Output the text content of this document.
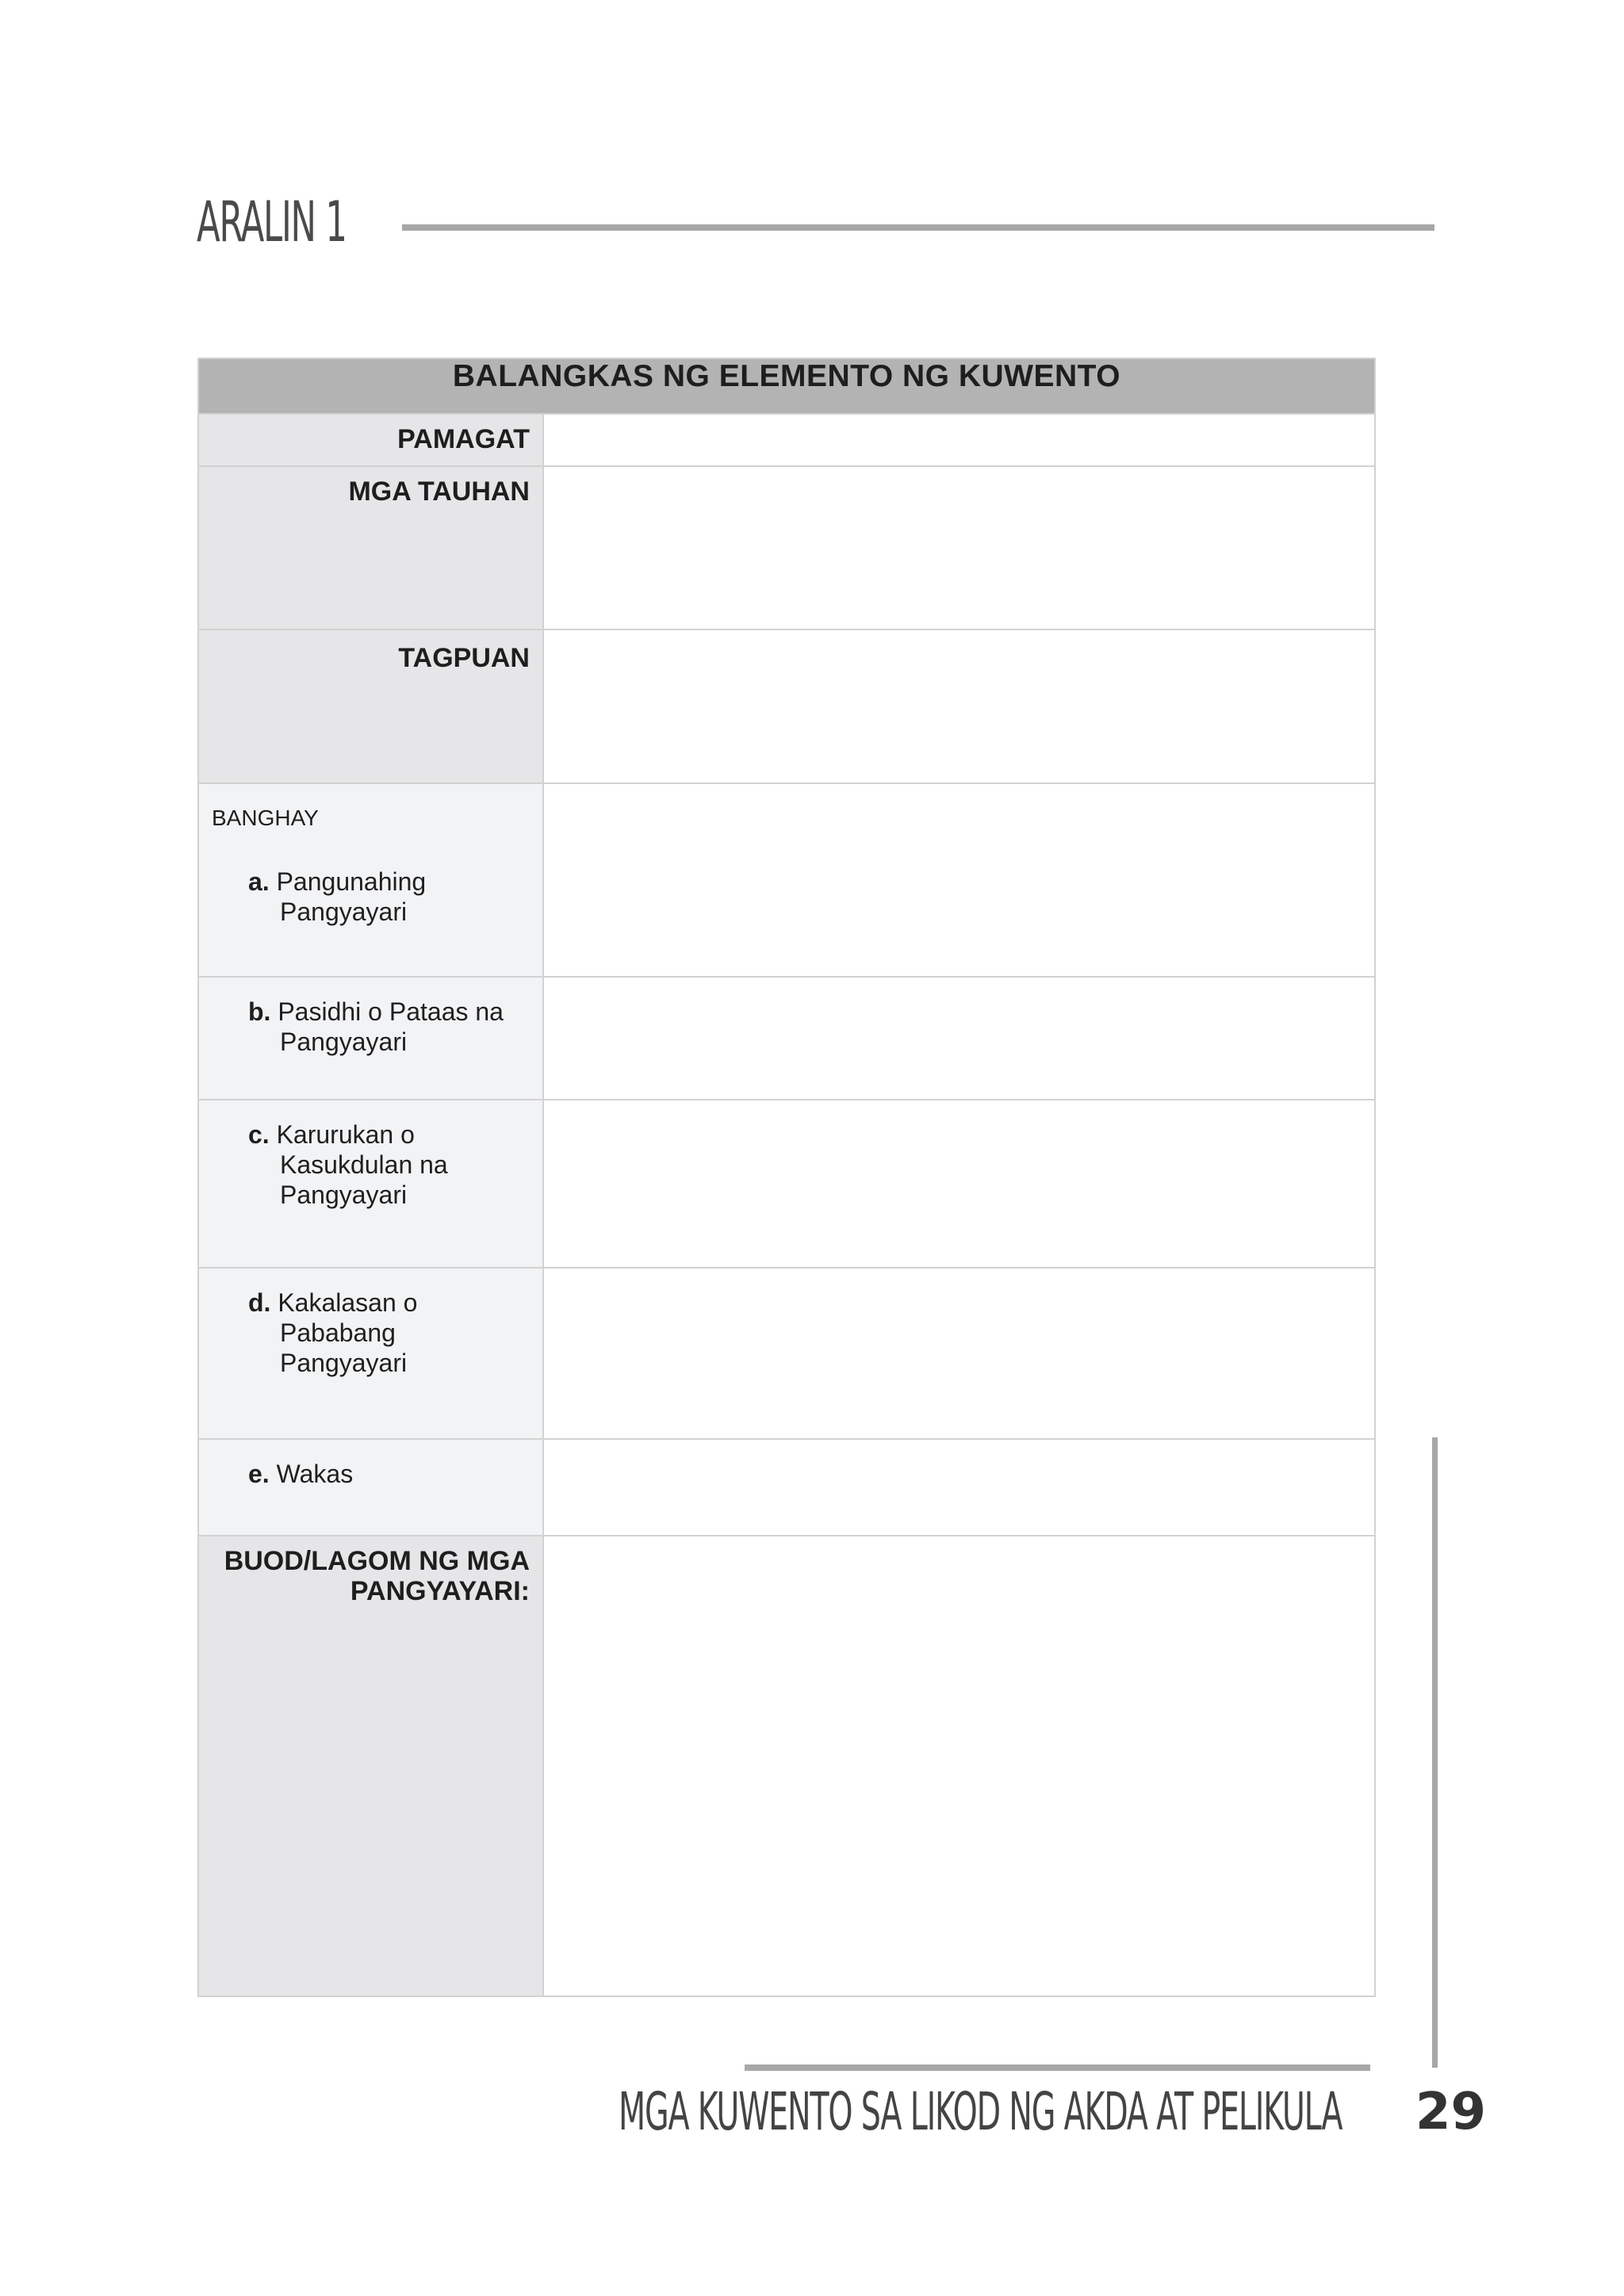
ARALIN 1
BALANGKAS NG ELEMENTO NG KUWENTO	
PAMAGAT	
MGA TAUHAN	
TAGPUAN	

BANGHAY
a. Pangunahing
Pangyayari	

b. Pasidhi o Pataas na
Pangyayari	

c. Karurukan o
Kasukdulan na
Pangyayari	

d. Kakalasan o
Pababang
Pangyayari	

e. Wakas	

BUOD/LAGOM NG MGA
PANGYAYARI:	

MGA KUWENTO SA LIKOD NG AKDA AT PELIKULA 29
